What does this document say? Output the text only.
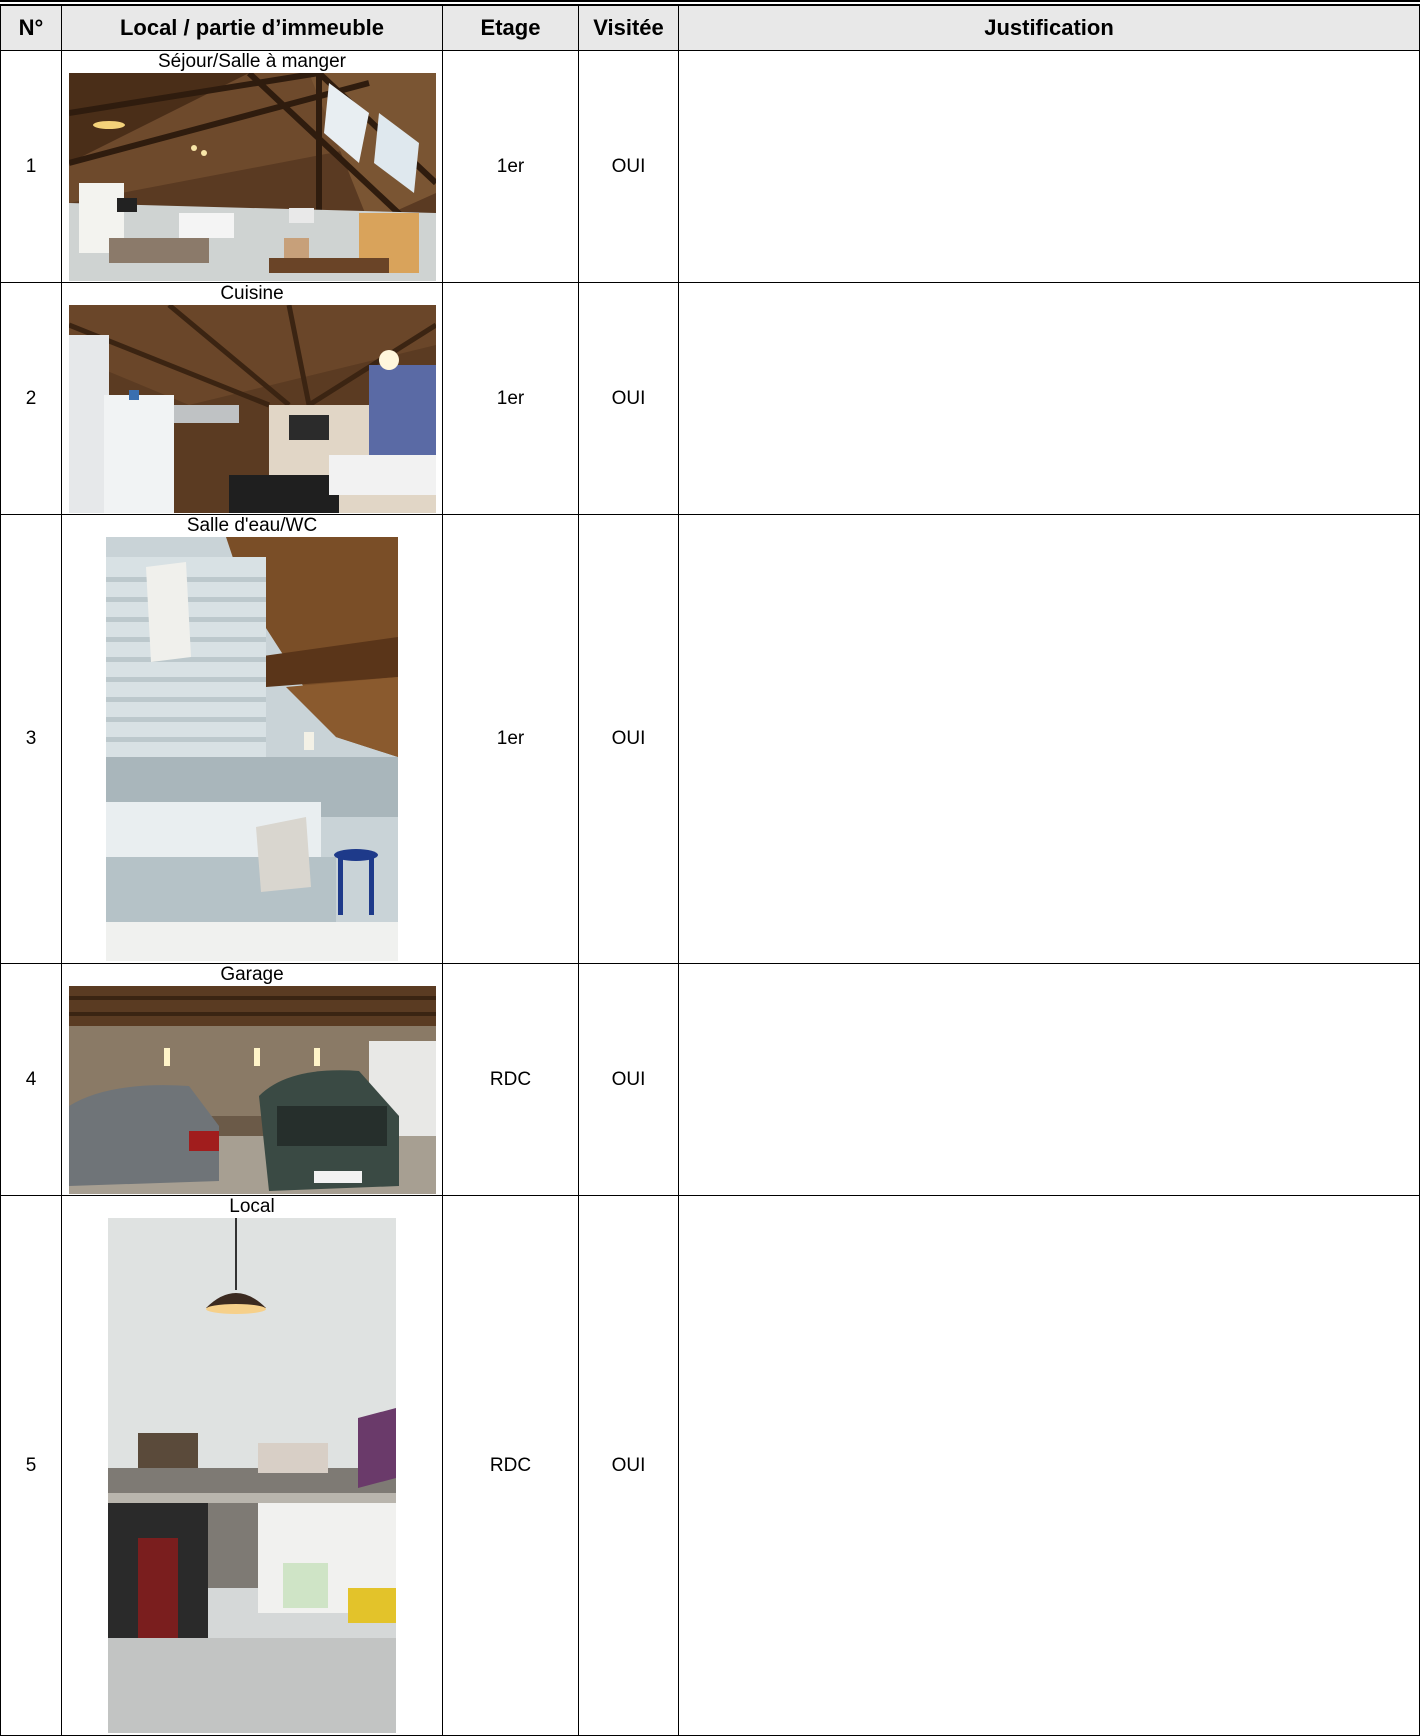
N°	Local / partie d’immeuble	Etage	Visitée	Justification
1	Séjour/Salle à manger	1er	OUI	
2	Cuisine	1er	OUI	
3	Salle d'eau/WC	1er	OUI	
4	Garage	RDC	OUI	
5	Local	RDC	OUI	
